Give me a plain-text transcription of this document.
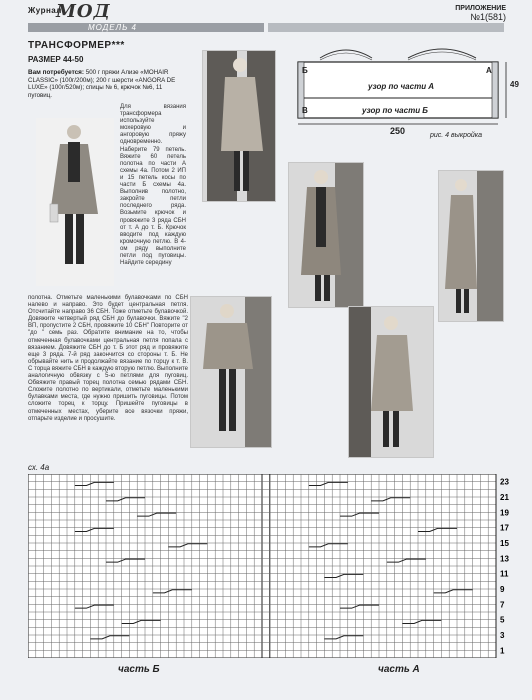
Журнал
МОД	ПРИЛОЖЕНИЕ
№1(581)
МОДЕЛЬ 4
ТРАНСФОРМЕР***
РАЗМЕР 44-50
Вам потребуется: 500 г пряжи Ализе «MOHAIR CLASSIC» (100г/200м); 200 г шерсти «ANGORA DE LUXE» (100г/520м); спицы № 6, крючок №6, 11 пуговиц.
Для вязания трансформера используйте мохеровую и ангоровую пряжу одновременно. Наберите 79 петель. Вяжите 60 петель полотна по части А схемы 4а. Потом 2 ИП и 15 петель косы по части Б схемы 4а. Выполнив полотно, закройте петли последнего ряда. Возьмите крючок и провяжите 3 ряда СБН от т. А до т. Б. Крючок вводите под каждую кромочную петлю. В 4-ом ряду выполните петли под пуговицы. Найдите середину
полотна. Отметьте маленькими булавочками по СБН налево и направо. Это будет центральная петля. Отсчитайте направо 36 СБН. Тоже отметьте булавочкой. Довяжите четвертый ряд СБН до булавочки. Вяжите "2 ВП, пропустите 2 СБН, провяжите 10 СБН" Повторите от "до " семь раз. Обратите внимание на то, чтобы отмеченная булавочками центральная петля попала с вязанием. Довяжите СБН до т. Б этот ряд и провяжите еще 3 ряда. 7-й ряд закончится со стороны т. Б. Не обрывайте нить и продолжайте вязание по торцу к т. В. С торца вяжите СБН в каждую вторую петлю. Выполните аналогичную обвязку с 5-ю петлями для пуговиц. Обвяжите правый торец полотна семью рядами СБН. Сложите полотно по вертикали, отметьте маленькими булавками места, где нужно пришить пуговицы. Потом сложите торец к торцу. Пришейте пуговицы в отмеченных местах, уберите все вязочки пряжи, отпарьте изделие и просушите.
Б	А
В
узор по части А
узор по части Б
49
250	рис. 4 выкройка
сх. 4а
23
21
19
17
15
13
11
9
7
5
3
1
часть Б	часть А
